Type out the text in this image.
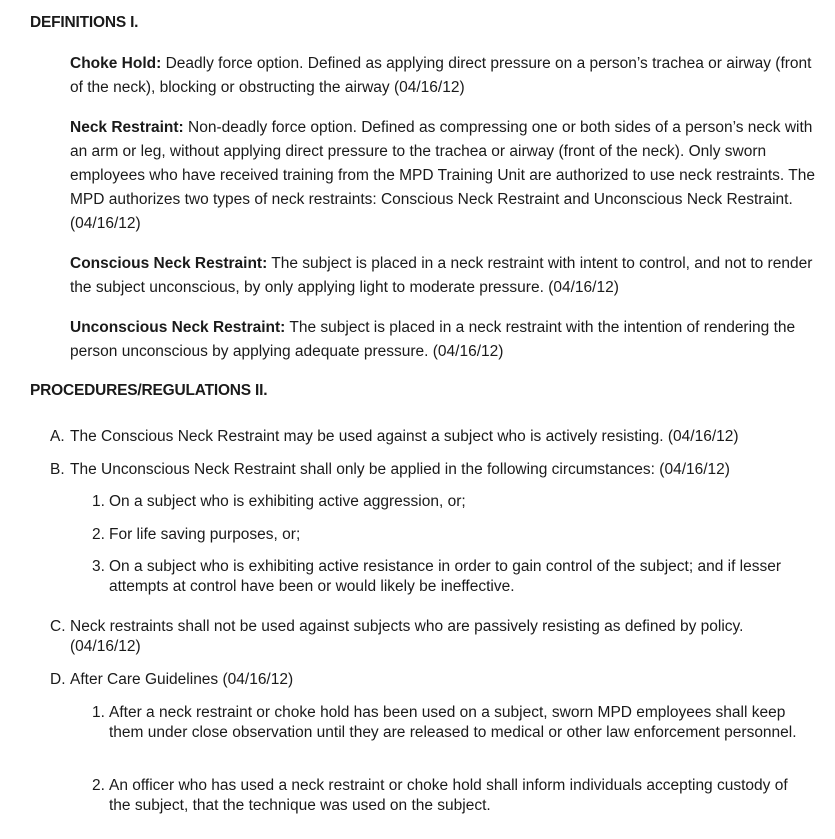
DEFINITIONS I.

Choke Hold: Deadly force option. Defined as applying direct pressure on a person’s trachea or airway (front of the neck), blocking or obstructing the airway (04/16/12)

Neck Restraint: Non-deadly force option. Defined as compressing one or both sides of a person’s neck with an arm or leg, without applying direct pressure to the trachea or airway (front of the neck). Only sworn employees who have received training from the MPD Training Unit are authorized to use neck restraints. The MPD authorizes two types of neck restraints: Conscious Neck Restraint and Unconscious Neck Restraint. (04/16/12)

Conscious Neck Restraint: The subject is placed in a neck restraint with intent to control, and not to render the subject unconscious, by only applying light to moderate pressure. (04/16/12)

Unconscious Neck Restraint: The subject is placed in a neck restraint with the intention of rendering the person unconscious by applying adequate pressure. (04/16/12)

PROCEDURES/REGULATIONS II.
A. The Conscious Neck Restraint may be used against a subject who is actively resisting. (04/16/12)
B. The Unconscious Neck Restraint shall only be applied in the following circumstances: (04/16/12)
1. On a subject who is exhibiting active aggression, or;
2. For life saving purposes, or;
3. On a subject who is exhibiting active resistance in order to gain control of the subject; and if lesser attempts at control have been or would likely be ineffective.
C. Neck restraints shall not be used against subjects who are passively resisting as defined by policy. (04/16/12)
D. After Care Guidelines (04/16/12)
1. After a neck restraint or choke hold has been used on a subject, sworn MPD employees shall keep them under close observation until they are released to medical or other law enforcement personnel.
2. An officer who has used a neck restraint or choke hold shall inform individuals accepting custody of the subject, that the technique was used on the subject.
